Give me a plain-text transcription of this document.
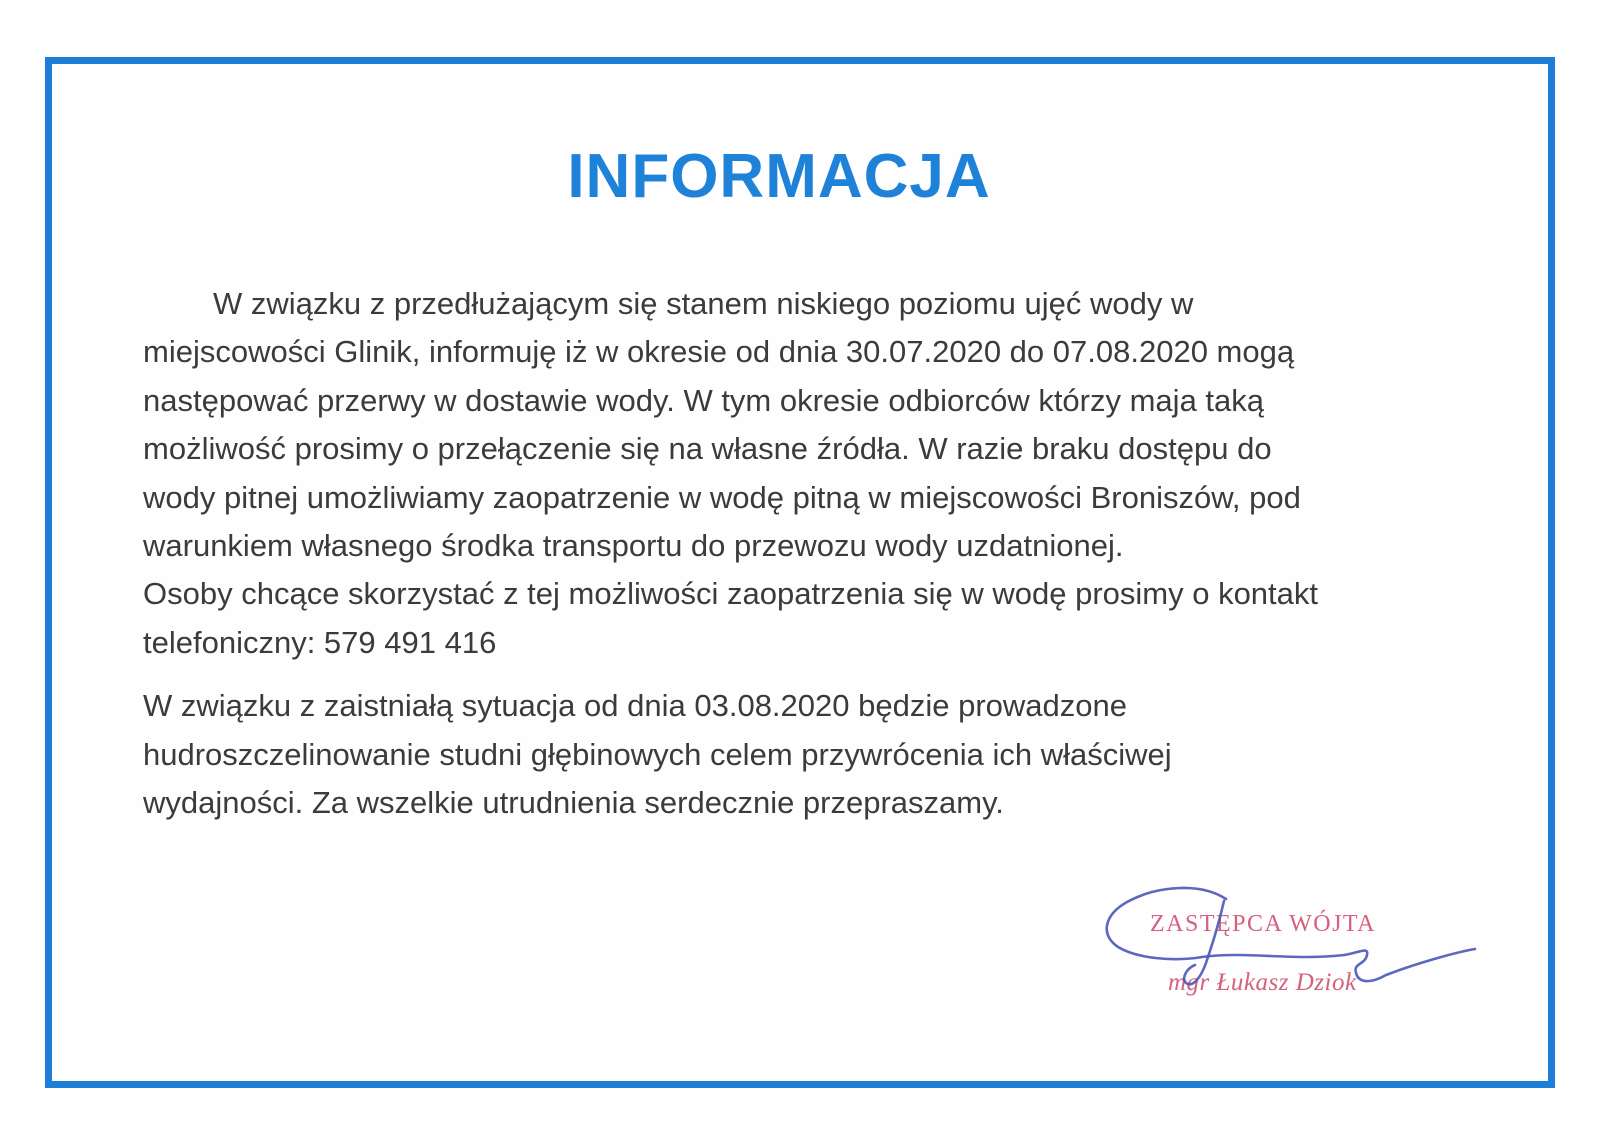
INFORMACJA
W związku z przedłużającym się stanem niskiego poziomu ujęć wody w
miejscowości Glinik, informuję iż w okresie od dnia 30.07.2020 do 07.08.2020 mogą
następować przerwy w dostawie wody. W tym okresie odbiorców którzy maja taką
możliwość prosimy o przełączenie się na własne źródła. W razie braku dostępu do
wody pitnej umożliwiamy zaopatrzenie w wodę pitną w miejscowości Broniszów, pod
warunkiem własnego środka transportu do przewozu wody uzdatnionej.
Osoby chcące skorzystać z tej możliwości zaopatrzenia się w wodę prosimy o kontakt
telefoniczny: 579 491 416
W związku z zaistniałą sytuacja od dnia 03.08.2020 będzie prowadzone
hudroszczelinowanie studni głębinowych celem przywrócenia ich właściwej
wydajności. Za wszelkie utrudnienia serdecznie przepraszamy.
ZASTĘPCA WÓJTA
mgr Łukasz Dziok
